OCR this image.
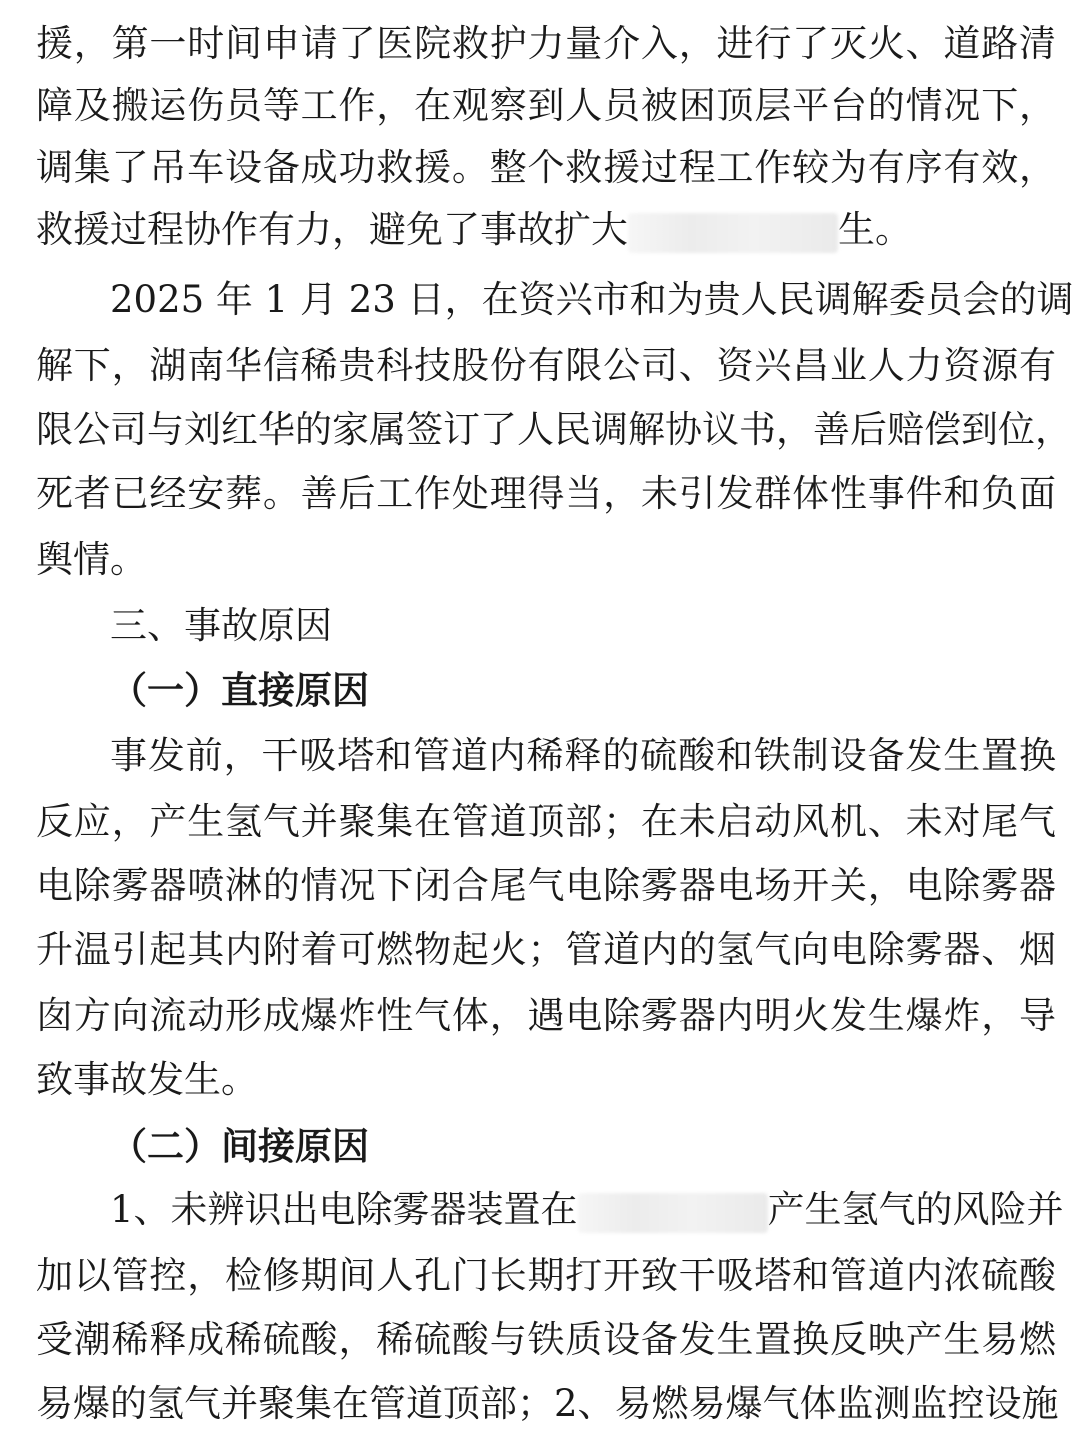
援，第一时间申请了医院救护力量介入，进行了灭火、道路清
障及搬运伤员等工作，在观察到人员被困顶层平台的情况下，
调集了吊车设备成功救援。整个救援过程工作较为有序有效，
救援过程协作有力，避免了事故扩大	生。
2025 年 1 月 23 日，在资兴市和为贵人民调解委员会的调
解下，湖南华信稀贵科技股份有限公司、资兴昌业人力资源有
限公司与刘红华的家属签订了人民调解协议书，善后赔偿到位，
死者已经安葬。善后工作处理得当，未引发群体性事件和负面
舆情。
三、事故原因
（一）直接原因
事发前，干吸塔和管道内稀释的硫酸和铁制设备发生置换
反应，产生氢气并聚集在管道顶部；在未启动风机、未对尾气
电除雾器喷淋的情况下闭合尾气电除雾器电场开关，电除雾器
升温引起其内附着可燃物起火；管道内的氢气向电除雾器、烟
囱方向流动形成爆炸性气体，遇电除雾器内明火发生爆炸，导
致事故发生。
（二）间接原因
1、未辨识出电除雾器装置在	产生氢气的风险并
加以管控，检修期间人孔门长期打开致干吸塔和管道内浓硫酸
受潮稀释成稀硫酸，稀硫酸与铁质设备发生置换反映产生易燃
易爆的氢气并聚集在管道顶部；2、易燃易爆气体监测监控设施
